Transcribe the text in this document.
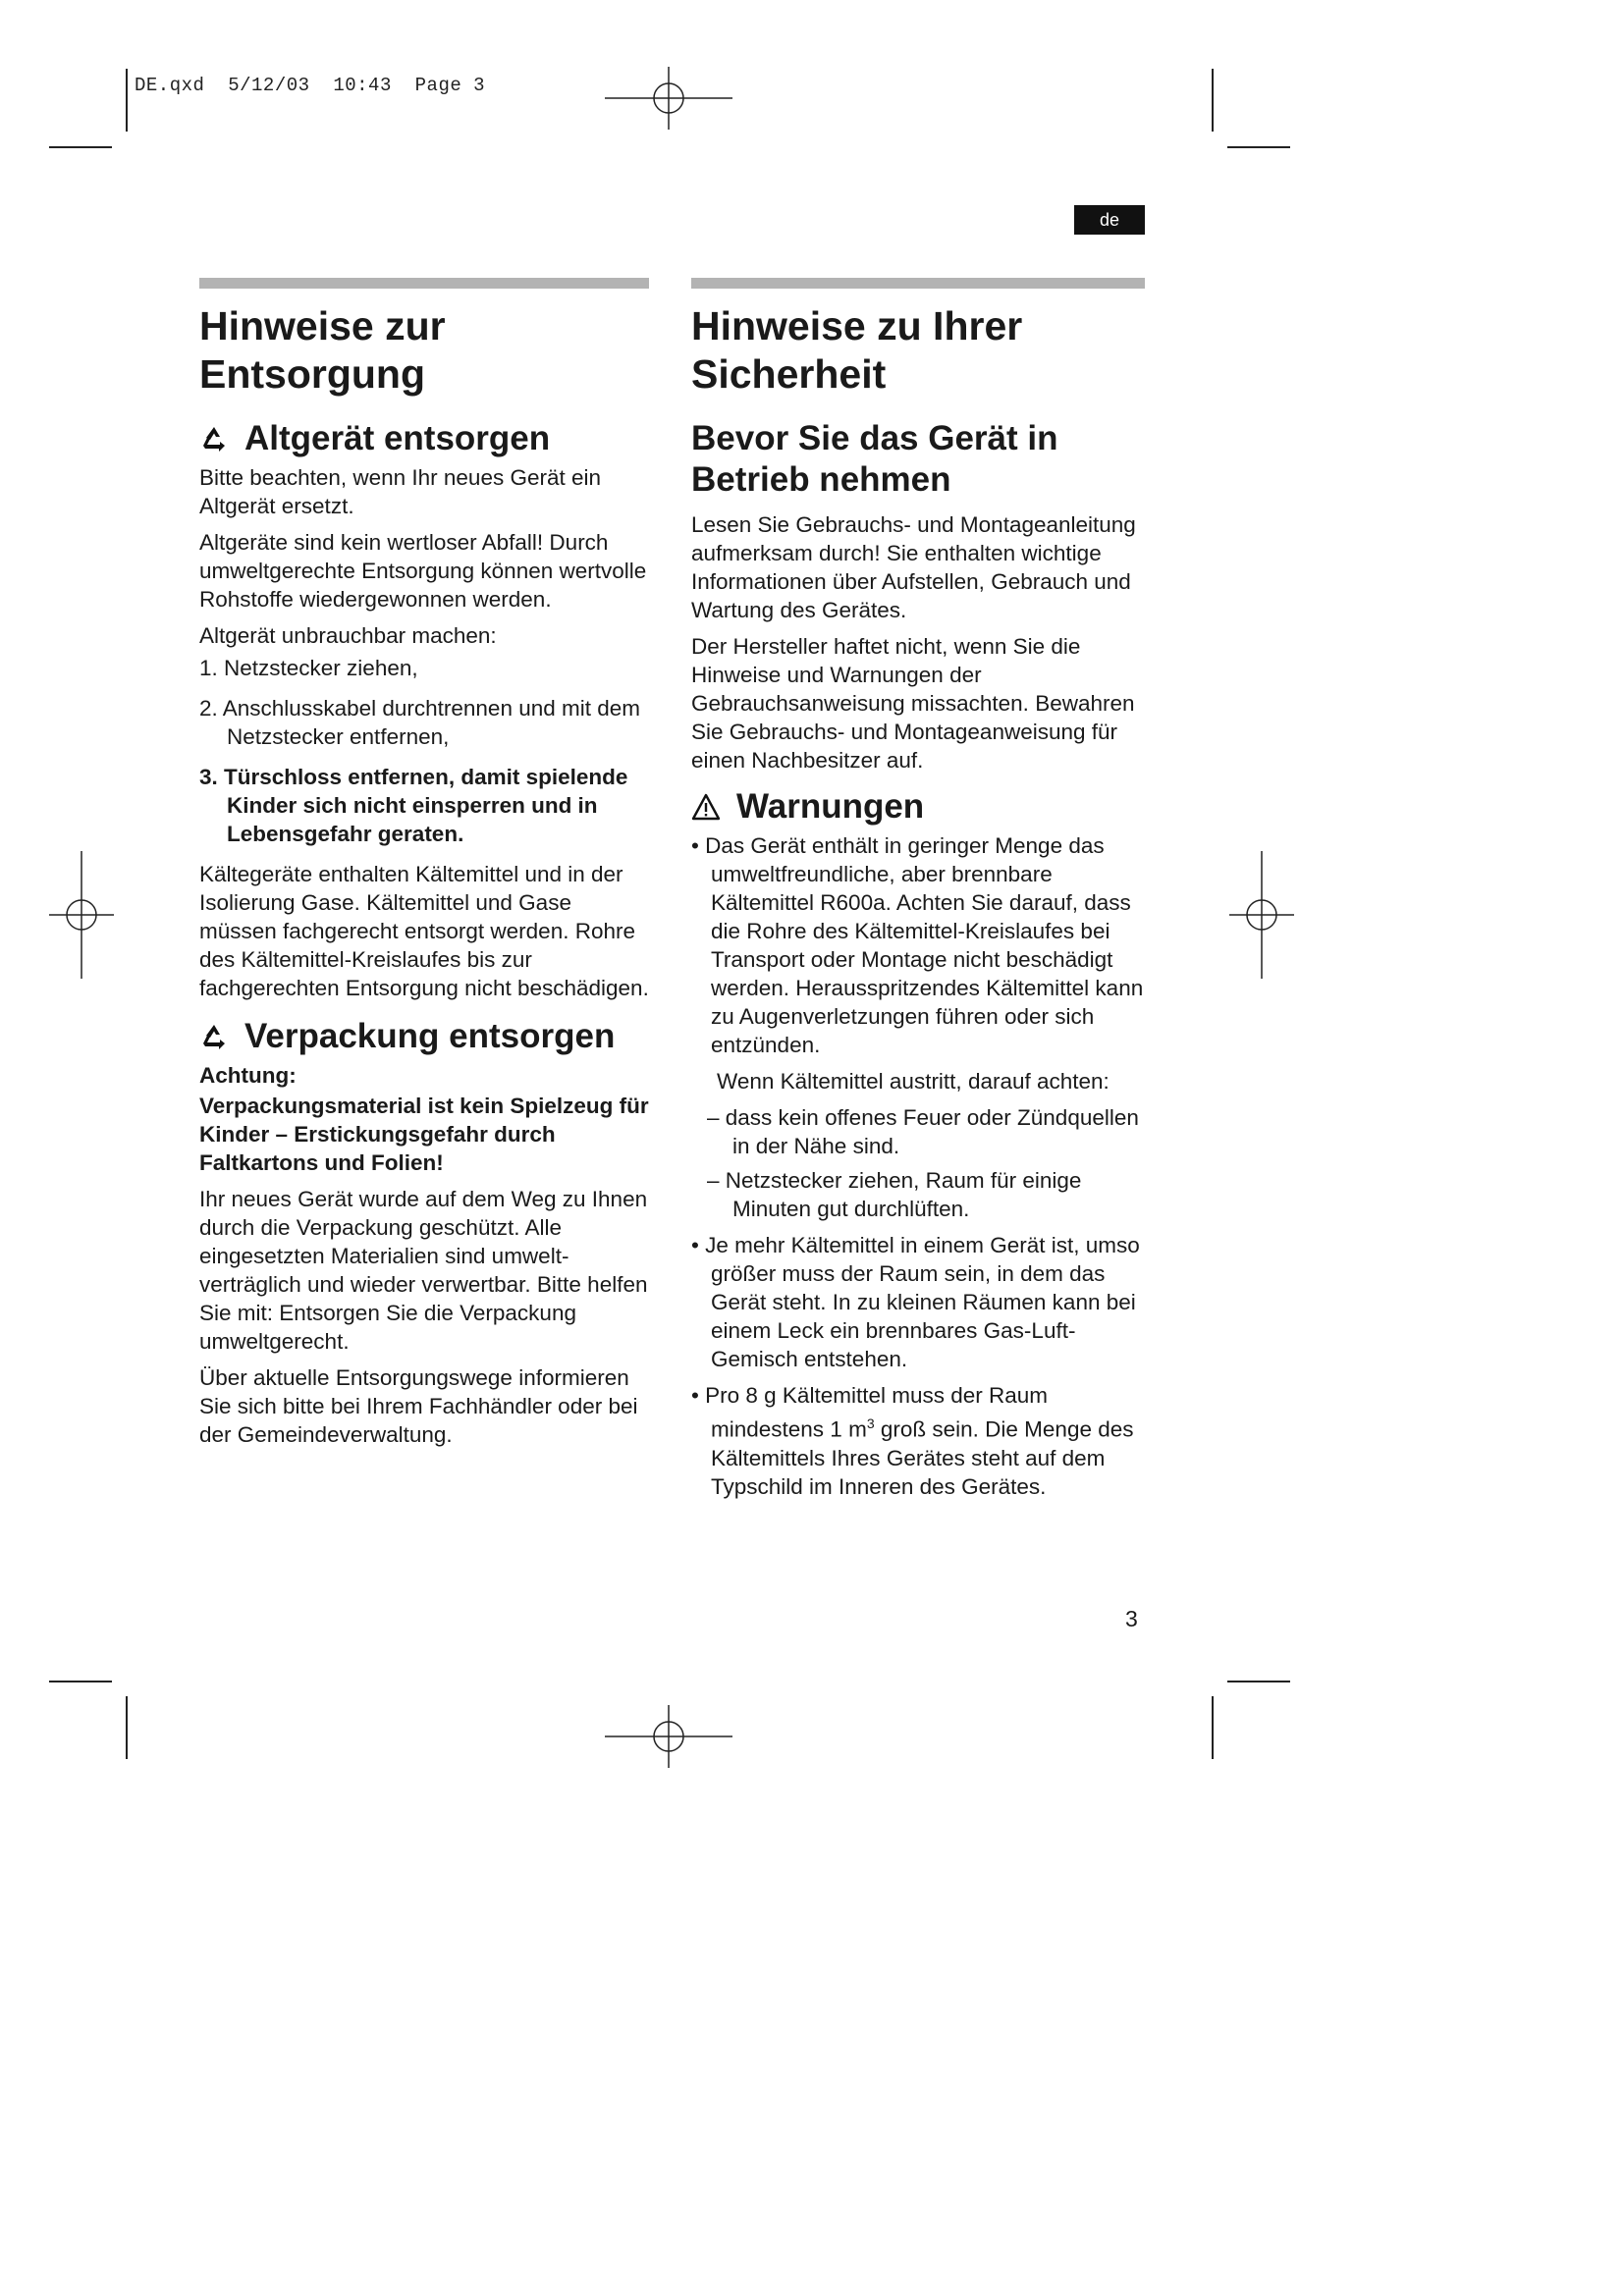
DE.qxd  5/12/03  10:43  Page 3
de
Hinweise zur Entsorgung
Altgerät entsorgen

Bitte beachten, wenn Ihr neues Gerät ein Altgerät ersetzt.

Altgeräte sind kein wertloser Abfall! Durch umweltgerechte Entsorgung können wertvolle Rohstoffe wiedergewonnen werden.

Altgerät unbrauchbar machen:

1. Netzstecker ziehen,
2. Anschlusskabel durchtrennen und mit dem Netzstecker entfernen,
3. Türschloss entfernen, damit spielende Kinder sich nicht einsperren und in Lebensgefahr geraten.

Kältegeräte enthalten Kältemittel und in der Isolierung Gase. Kältemittel und Gase müssen fachgerecht entsorgt werden. Rohre des Kältemittel-Kreislaufes bis zur fachgerechten Entsorgung nicht beschädigen.

Verpackung entsorgen

Achtung:

Verpackungsmaterial ist kein Spielzeug für Kinder – Erstickungsgefahr durch Faltkartons und Folien!

Ihr neues Gerät wurde auf dem Weg zu Ihnen durch die Verpackung geschützt. Alle eingesetzten Materialien sind umwelt-verträglich und wieder verwertbar. Bitte helfen Sie mit: Entsorgen Sie die Verpackung umweltgerecht.

Über aktuelle Entsorgungswege informieren Sie sich bitte bei Ihrem Fachhändler oder bei der Gemeindeverwaltung.

Hinweise zu Ihrer Sicherheit
Bevor Sie das Gerät in Betrieb nehmen

Lesen Sie Gebrauchs- und Montageanleitung aufmerksam durch! Sie enthalten wichtige Informationen über Aufstellen, Gebrauch und Wartung des Gerätes.

Der Hersteller haftet nicht, wenn Sie die Hinweise und Warnungen der Gebrauchsanweisung missachten. Bewahren Sie Gebrauchs- und Montageanweisung für einen Nachbesitzer auf.

Warnungen
• Das Gerät enthält in geringer Menge das umweltfreundliche, aber brennbare Kältemittel R600a. Achten Sie darauf, dass die Rohre des Kältemittel-Kreislaufes bei Transport oder Montage nicht beschädigt werden. Herausspritzendes Kältemittel kann zu Augenverletzungen führen oder sich entzünden.

Wenn Kältemittel austritt, darauf achten:

– dass kein offenes Feuer oder Zündquellen in der Nähe sind.
– Netzstecker ziehen, Raum für einige Minuten gut durchlüften.
• Je mehr Kältemittel in einem Gerät ist, umso größer muss der Raum sein, in dem das Gerät steht. In zu kleinen Räumen kann bei einem Leck ein brennbares Gas-Luft-Gemisch entstehen.
• Pro 8 g Kältemittel muss der Raum mindestens 1 $m^3$ groß sein. Die Menge des Kältemittels Ihres Gerätes steht auf dem Typschild im Inneren des Gerätes.
3
